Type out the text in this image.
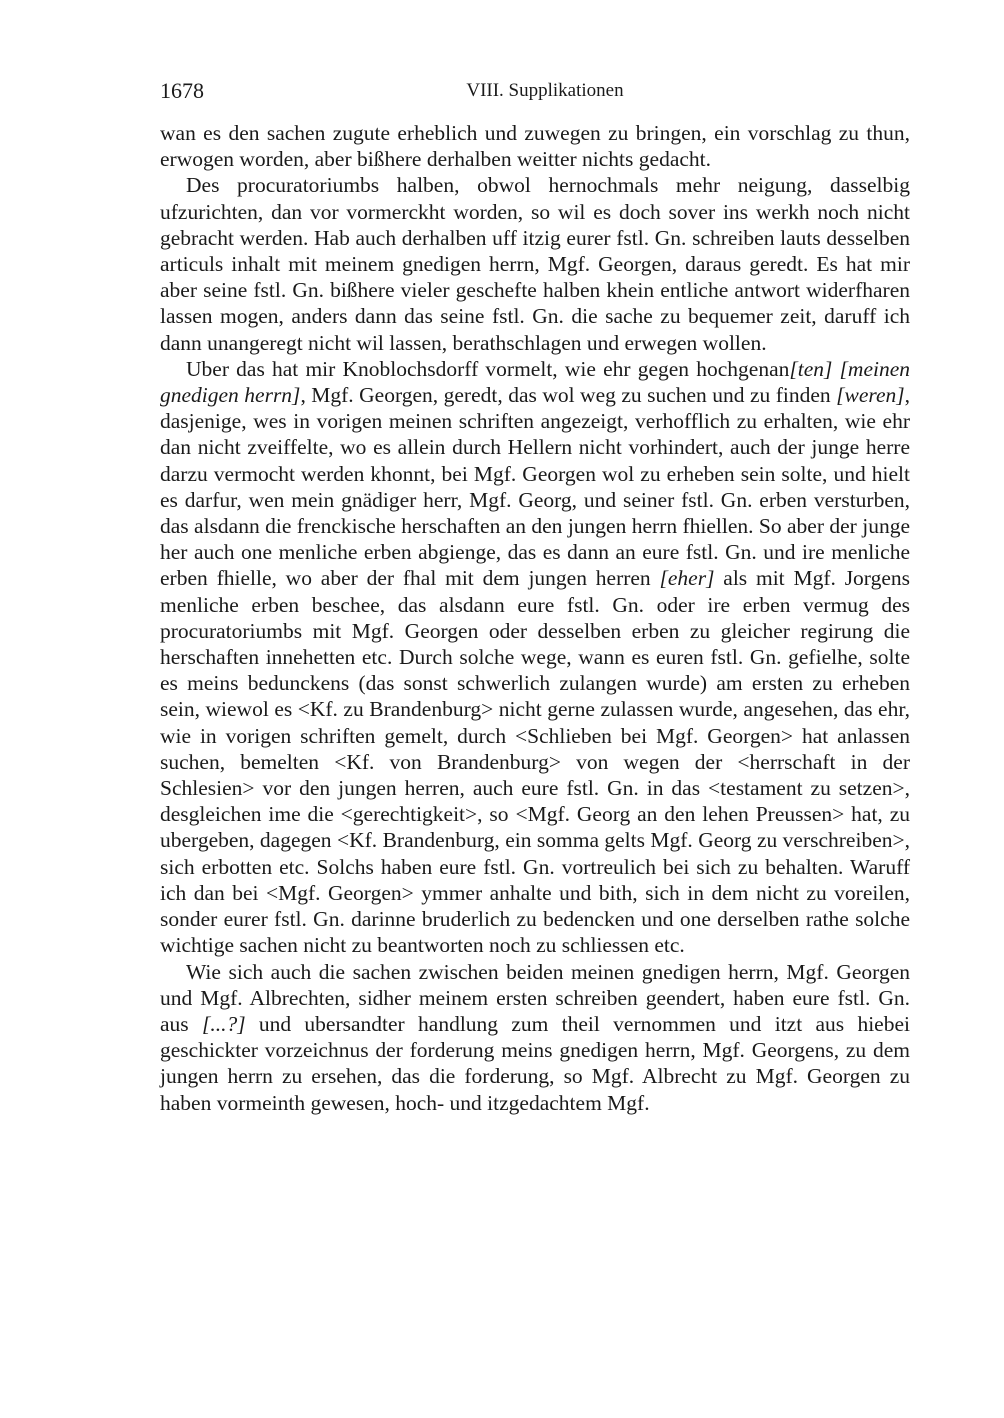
1678	VIII. Supplikationen

wan es den sachen zugute erheblich und zuwegen zu bringen, ein vorschlag zu thun, erwogen worden, aber bißhere derhalben weitter nichts gedacht.

Des procuratoriumbs halben, obwol hernochmals mehr neigung, dasselbig ufzurichten, dan vor vormerckht worden, so wil es doch sover ins werkh noch nicht gebracht werden. Hab auch derhalben uff itzig eurer fstl. Gn. schreiben lauts desselben articuls inhalt mit meinem gnedigen herrn, Mgf. Georgen, daraus geredt. Es hat mir aber seine fstl. Gn. bißhere vieler geschefte halben khein entliche antwort widerfharen lassen mogen, anders dann das seine fstl. Gn. die sache zu bequemer zeit, daruff ich dann unangeregt nicht wil lassen, berathschlagen und erwegen wollen.

Uber das hat mir Knoblochsdorff vormelt, wie ehr gegen hochgenan[ten] [meinen gnedigen herrn], Mgf. Georgen, geredt, das wol weg zu suchen und zu finden [weren], dasjenige, wes in vorigen meinen schriften angezeigt, verhofflich zu erhalten, wie ehr dan nicht zveiffelte, wo es allein durch Hellern nicht vorhindert, auch der junge herre darzu vermocht werden khonnt, bei Mgf. Georgen wol zu erheben sein solte, und hielt es darfur, wen mein gnädiger herr, Mgf. Georg, und seiner fstl. Gn. erben versturben, das alsdann die frenckische herschaften an den jungen herrn fhiellen. So aber der junge her auch one menliche erben abgienge, das es dann an eure fstl. Gn. und ire menliche erben fhielle, wo aber der fhal mit dem jungen herren [eher] als mit Mgf. Jorgens menliche erben beschee, das alsdann eure fstl. Gn. oder ire erben vermug des procuratoriumbs mit Mgf. Georgen oder desselben erben zu gleicher regirung die herschaften innehetten etc. Durch solche wege, wann es euren fstl. Gn. gefielhe, solte es meins bedunckens (das sonst schwerlich zulangen wurde) am ersten zu erheben sein, wiewol es <Kf. zu Brandenburg> nicht gerne zulassen wurde, angesehen, das ehr, wie in vorigen schriften gemelt, durch <Schlieben bei Mgf. Georgen> hat anlassen suchen, bemelten <Kf. von Brandenburg> von wegen der <herrschaft in der Schlesien> vor den jungen herren, auch eure fstl. Gn. in das <testament zu setzen>, desgleichen ime die <gerechtigkeit>, so <Mgf. Georg an den lehen Preussen> hat, zu ubergeben, dagegen <Kf. Brandenburg, ein somma gelts Mgf. Georg zu verschreiben>, sich erbotten etc. Solchs haben eure fstl. Gn. vortreulich bei sich zu behalten. Waruff ich dan bei <Mgf. Georgen> ymmer anhalte und bith, sich in dem nicht zu voreilen, sonder eurer fstl. Gn. darinne bruderlich zu bedencken und one derselben rathe solche wichtige sachen nicht zu beantworten noch zu schliessen etc.

Wie sich auch die sachen zwischen beiden meinen gnedigen herrn, Mgf. Georgen und Mgf. Albrechten, sidher meinem ersten schreiben geendert, haben eure fstl. Gn. aus [...?] und ubersandter handlung zum theil vernommen und itzt aus hiebei geschickter vorzeichnus der forderung meins gnedigen herrn, Mgf. Georgens, zu dem jungen herrn zu ersehen, das die forderung, so Mgf. Albrecht zu Mgf. Georgen zu haben vormeinth gewesen, hoch- und itzgedachtem Mgf.
